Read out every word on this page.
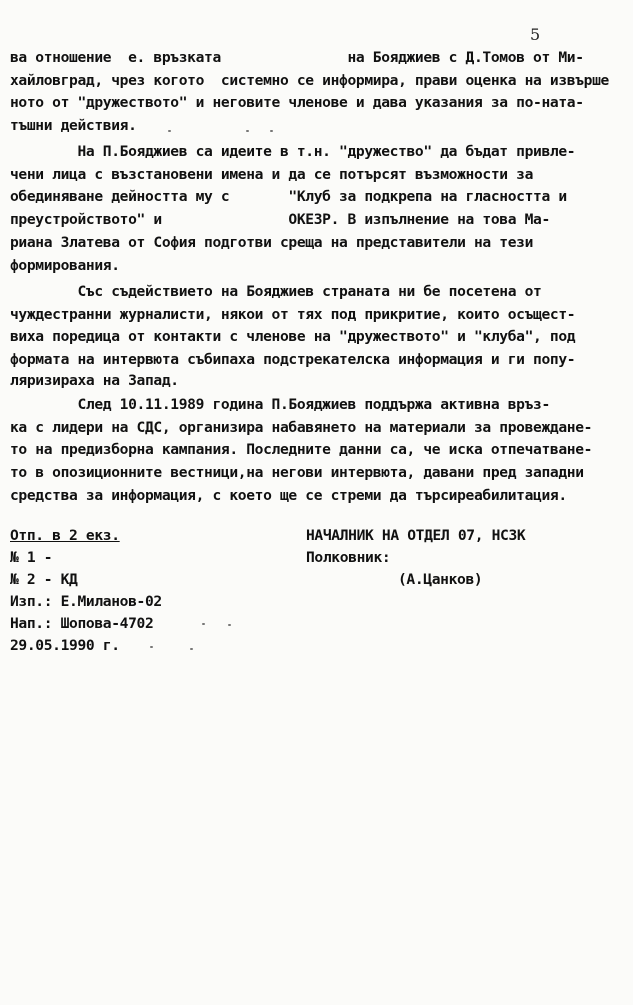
5
ва отношение  е. връзката               на Бояджиев с Д.Томов от Ми-
хайловград, чрез когото  системно се информира, прави оценка на извърше
ното от "дружеството" и неговите членове и дава указания за по-ната-
тъшни действия.
На П.Бояджиев са идеите в т.н. "дружество" да бъдат привле-
чени лица с възстановени имена и да се потърсят възможности за
обединяване дейността му с       "Клуб за подкрепа на гласността и
преустройството" и               ОКЕЗР. В изпълнение на това Ма-
риана Златева от София подготви среща на представители на тези
формирования.
Със съдействието на Бояджиев страната ни бе посетена от
чуждестранни журналисти, някои от тях под прикритие, които осъщест-
виха поредица от контакти с членове на "дружеството" и "клуба", под
формата на интервюта събипаха подстрекателска информация и ги попу-
ляризираха на Запад.
След 10.11.1989 година П.Бояджиев поддържа активна връз-
ка с лидери на СДС, организира набавянето на материали за провеждане-
то на предизборна кампания. Последните данни са, че иска отпечатване-
то в опозиционните вестници,на негови интервюта, давани пред западни
средства за информация, с което ще се стреми да търсиреабилитация.
Отп. в 2 екз.
№ 1 -
№ 2 - КД
Изп.: Е.Миланов-02
Нап.: Шопова-4702
29.05.1990 г.
НАЧАЛНИК НА ОТДЕЛ 07, НСЗК
Полковник:
(А.Цанков)
